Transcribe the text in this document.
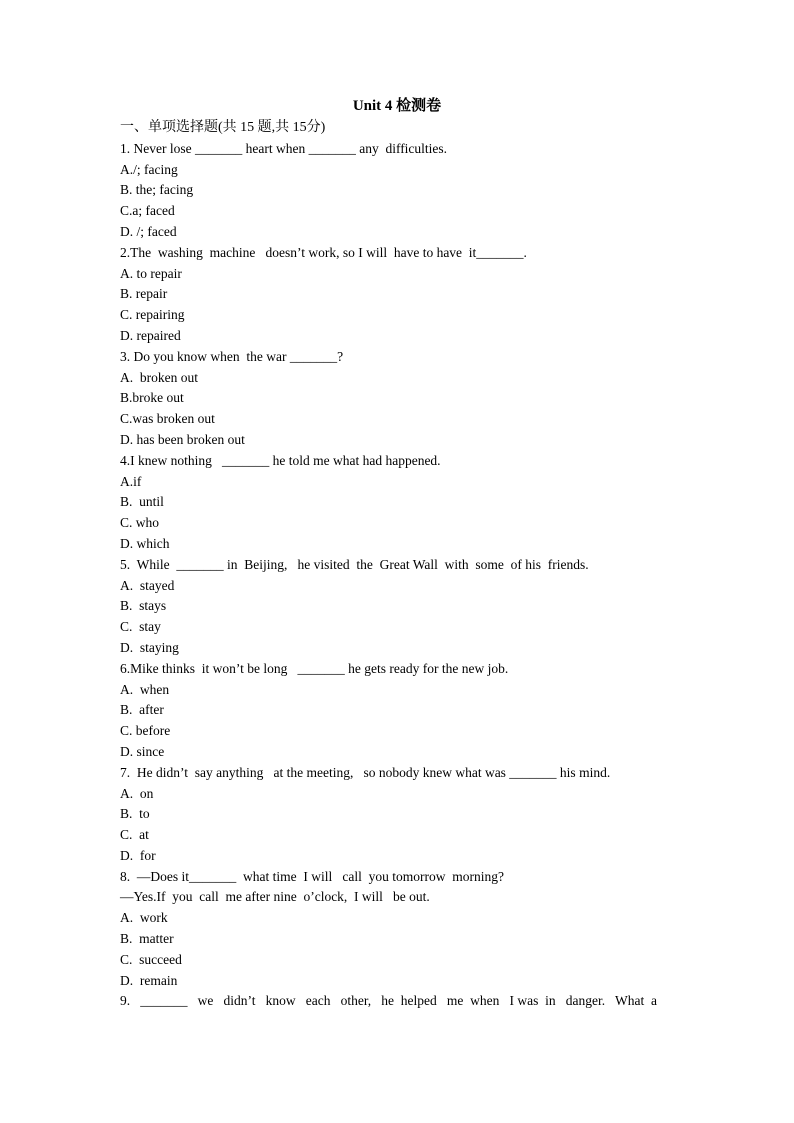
Unit 4 检测卷
一、单项选择题(共 15 题,共 15分)
1. Never lose _______ heart when _______ any  difficulties.
A./; facing
B. the; facing
C.a; faced
D. /; faced
2.The  washing  machine   doesn’t work, so I will  have to have  it_______.
A. to repair
B. repair
C. repairing
D. repaired
3. Do you know when  the war _______?
A.  broken out
B.broke out
C.was broken out
D. has been broken out
4.I knew nothing   _______ he told me what had happened.
A.if
B.  until
C. who
D. which
5.  While  _______ in  Beijing,   he visited  the  Great Wall  with  some  of his  friends.
A.  stayed
B.  stays
C.  stay
D.  staying
6.Mike thinks  it won’t be long   _______ he gets ready for the new job.
A.  when
B.  after
C. before
D. since
7.  He didn’t  say anything   at the meeting,   so nobody knew what was _______ his mind.
A.  on
B.  to
C.  at
D.  for
8.  —Does it_______  what time  I will   call  you tomorrow  morning?
—Yes.If  you  call  me after nine  o’clock,  I will   be out.
A.  work
B.  matter
C.  succeed
D.  remain
9.   _______   we   didn’t   know   each   other,   he  helped   me  when   I was  in   danger.   What  a
